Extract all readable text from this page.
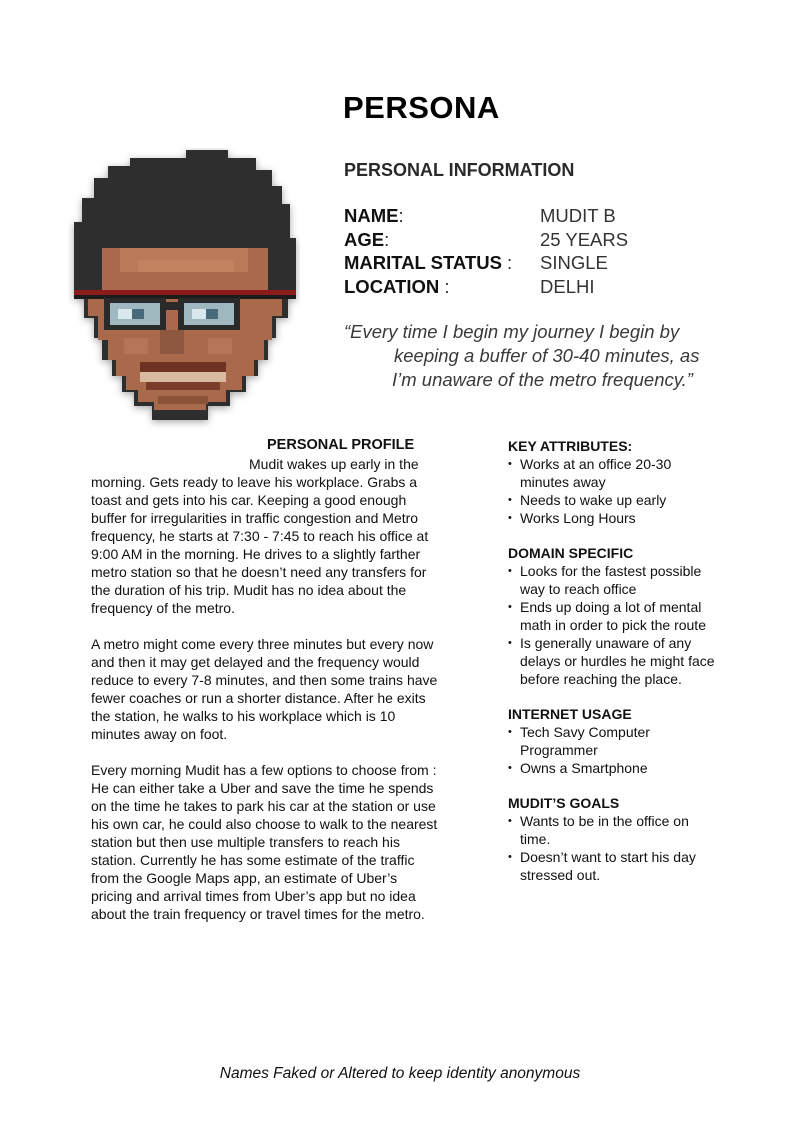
PERSONA
PERSONAL INFORMATION
NAME:	MUDIT B
AGE:	25 YEARS
MARITAL STATUS : SINGLE
LOCATION :	DELHI
“Every time I begin my journey I begin by
keeping a buffer of 30-40 minutes, as
I’m unaware of the metro frequency.”
PERSONAL PROFILE
Mudit wakes up early in the
morning. Gets ready to leave his workplace. Grabs a
toast and gets into his car. Keeping a good enough
buffer for irregularities in traffic congestion and Metro
frequency, he starts at 7:30 - 7:45 to reach his office at
9:00 AM in the morning. He drives to a slightly farther
metro station so that he doesn’t need any transfers for
the duration of his trip. Mudit has no idea about the
frequency of the metro.
A metro might come every three minutes but every now
and then it may get delayed and the frequency would
reduce to every 7-8 minutes, and then some trains have
fewer coaches or run a shorter distance. After he exits
the station, he walks to his workplace which is 10
minutes away on foot.
Every morning Mudit has a few options to choose from :
He can either take a Uber and save the time he spends
on the time he takes to park his car at the station or use
his own car, he could also choose to walk to the nearest
station but then use multiple transfers to reach his
station. Currently he has some estimate of the traffic
from the Google Maps app, an estimate of Uber’s
pricing and arrival times from Uber’s app but no idea
about the train frequency or travel times for the metro.
KEY ATTRIBUTES:
• Works at an office 20-30
minutes away
• Needs to wake up early
• Works Long Hours
DOMAIN SPECIFIC
• Looks for the fastest possible
way to reach office
• Ends up doing a lot of mental
math in order to pick the route
• Is generally unaware of any
delays or hurdles he might face
before reaching the place.
INTERNET USAGE
• Tech Savy Computer
Programmer
• Owns a Smartphone
MUDIT’S GOALS
• Wants to be in the office on
time.
• Doesn’t want to start his day
stressed out.
Names Faked or Altered to keep identity anonymous
